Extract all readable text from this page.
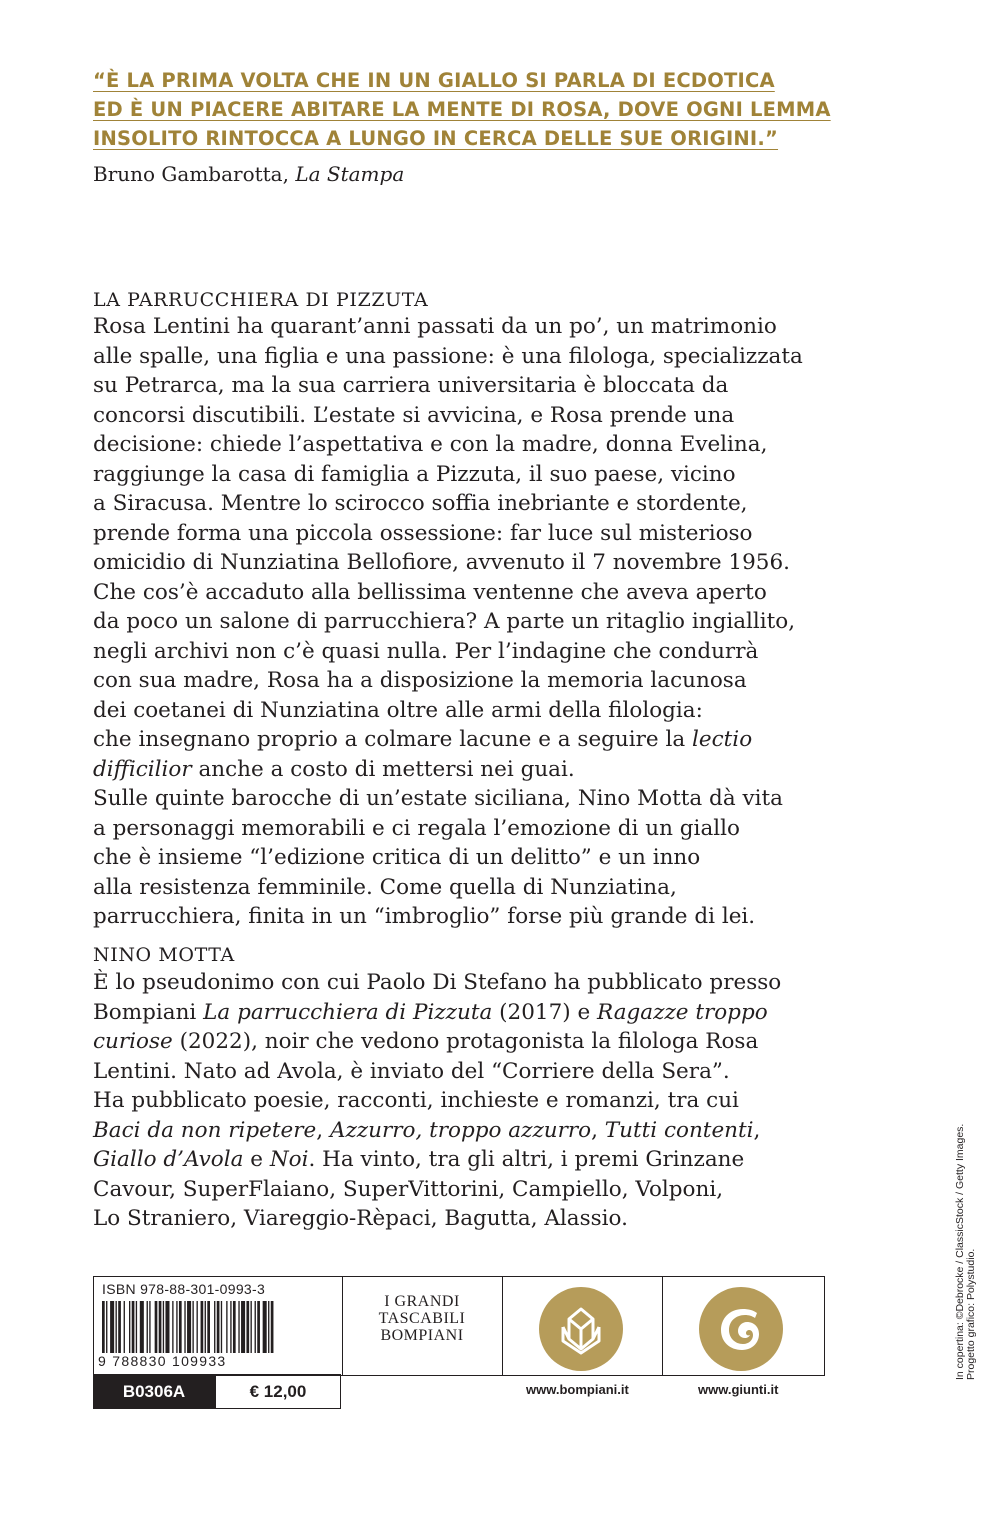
“È LA PRIMA VOLTA CHE IN UN GIALLO SI PARLA DI ECDOTICA
ED È UN PIACERE ABITARE LA MENTE DI ROSA, DOVE OGNI LEMMA
INSOLITO RINTOCCA A LUNGO IN CERCA DELLE SUE ORIGINI.”
Bruno Gambarotta, La Stampa
LA PARRUCCHIERA DI PIZZUTA
Rosa Lentini ha quarant’anni passati da un po’, un matrimonio
alle spalle, una figlia e una passione: è una filologa, specializzata
su Petrarca, ma la sua carriera universitaria è bloccata da
concorsi discutibili. L’estate si avvicina, e Rosa prende una
decisione: chiede l’aspettativa e con la madre, donna Evelina,
raggiunge la casa di famiglia a Pizzuta, il suo paese, vicino
a Siracusa. Mentre lo scirocco soffia inebriante e stordente,
prende forma una piccola ossessione: far luce sul misterioso
omicidio di Nunziatina Bellofiore, avvenuto il 7 novembre 1956.
Che cos’è accaduto alla bellissima ventenne che aveva aperto
da poco un salone di parrucchiera? A parte un ritaglio ingiallito,
negli archivi non c’è quasi nulla. Per l’indagine che condurrà
con sua madre, Rosa ha a disposizione la memoria lacunosa
dei coetanei di Nunziatina oltre alle armi della filologia:
che insegnano proprio a colmare lacune e a seguire la lectio
difficilior anche a costo di mettersi nei guai.
Sulle quinte barocche di un’estate siciliana, Nino Motta dà vita
a personaggi memorabili e ci regala l’emozione di un giallo
che è insieme “l’edizione critica di un delitto” e un inno
alla resistenza femminile. Come quella di Nunziatina,
parrucchiera, finita in un “imbroglio” forse più grande di lei.
NINO MOTTA
È lo pseudonimo con cui Paolo Di Stefano ha pubblicato presso
Bompiani La parrucchiera di Pizzuta (2017) e Ragazze troppo
curiose (2022), noir che vedono protagonista la filologa Rosa
Lentini. Nato ad Avola, è inviato del “Corriere della Sera”.
Ha pubblicato poesie, racconti, inchieste e romanzi, tra cui
Baci da non ripetere, Azzurro, troppo azzurro, Tutti contenti,
Giallo d’Avola e Noi. Ha vinto, tra gli altri, i premi Grinzane
Cavour, SuperFlaiano, SuperVittorini, Campiello, Volponi,
Lo Straniero, Viareggio-Rèpaci, Bagutta, Alassio.	In copertina: ©Debrocke / ClassicStock / Getty Images. Progetto grafico: Polystudio.
ISBN 978-88-301-0993-3
9 788830 109933
I GRANDI
TASCABILI
BOMPIANI
B0306A	€ 12,00	www.bompiani.it	www.giunti.it
